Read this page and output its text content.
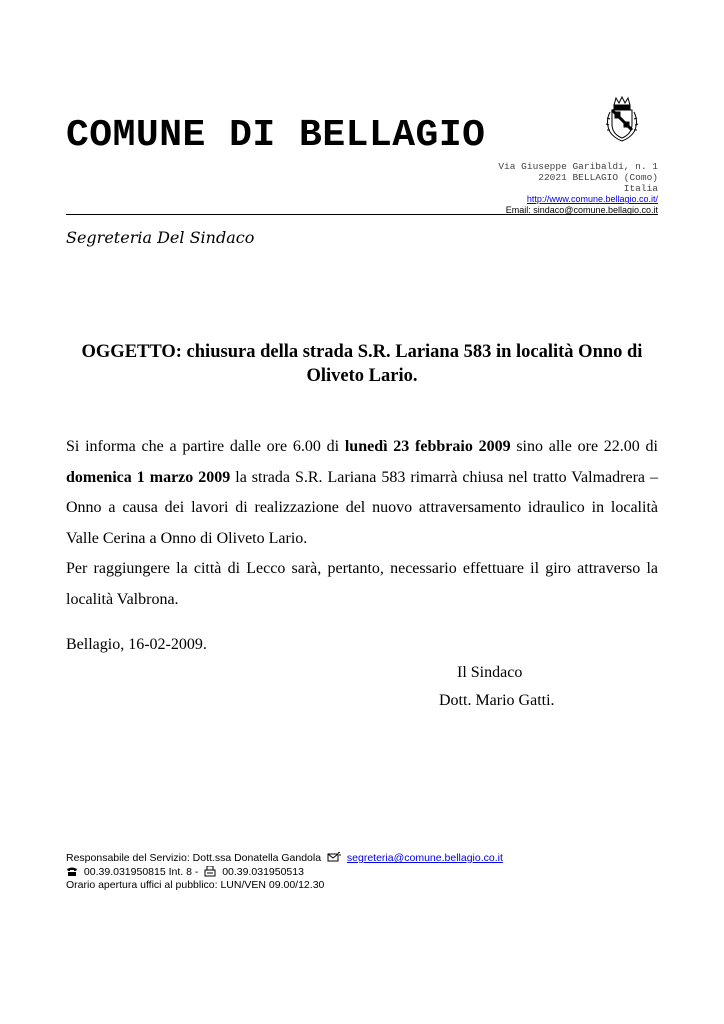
COMUNE DI BELLAGIO
Via Giuseppe Garibaldi, n. 1
22021 BELLAGIO (Como)
Italia
http://www.comune.bellagio.co.it/
Email: sindaco@comune.bellagio.co.it
Segreteria Del Sindaco
OGGETTO: chiusura della strada S.R. Lariana 583 in località Onno di Oliveto Lario.

Si informa che a partire dalle ore 6.00 di lunedì 23 febbraio 2009 sino alle ore 22.00 di domenica 1 marzo 2009 la strada S.R. Lariana 583 rimarrà chiusa nel tratto Valmadrera – Onno a causa dei lavori di realizzazione del nuovo attraversamento idraulico in località Valle Cerina a Onno di Oliveto Lario.

Per raggiungere la città di Lecco sarà, pertanto, necessario effettuare il giro attraverso la località Valbrona.

Bellagio, 16-02-2009.
Il Sindaco
Dott. Mario Gatti.
Responsabile del Servizio: Dott.ssa Donatella Gandola segreteria@comune.bellagio.co.it
00.39.031950815 Int. 8 - 00.39.031950513
Orario apertura uffici al pubblico: LUN/VEN 09.00/12.30
